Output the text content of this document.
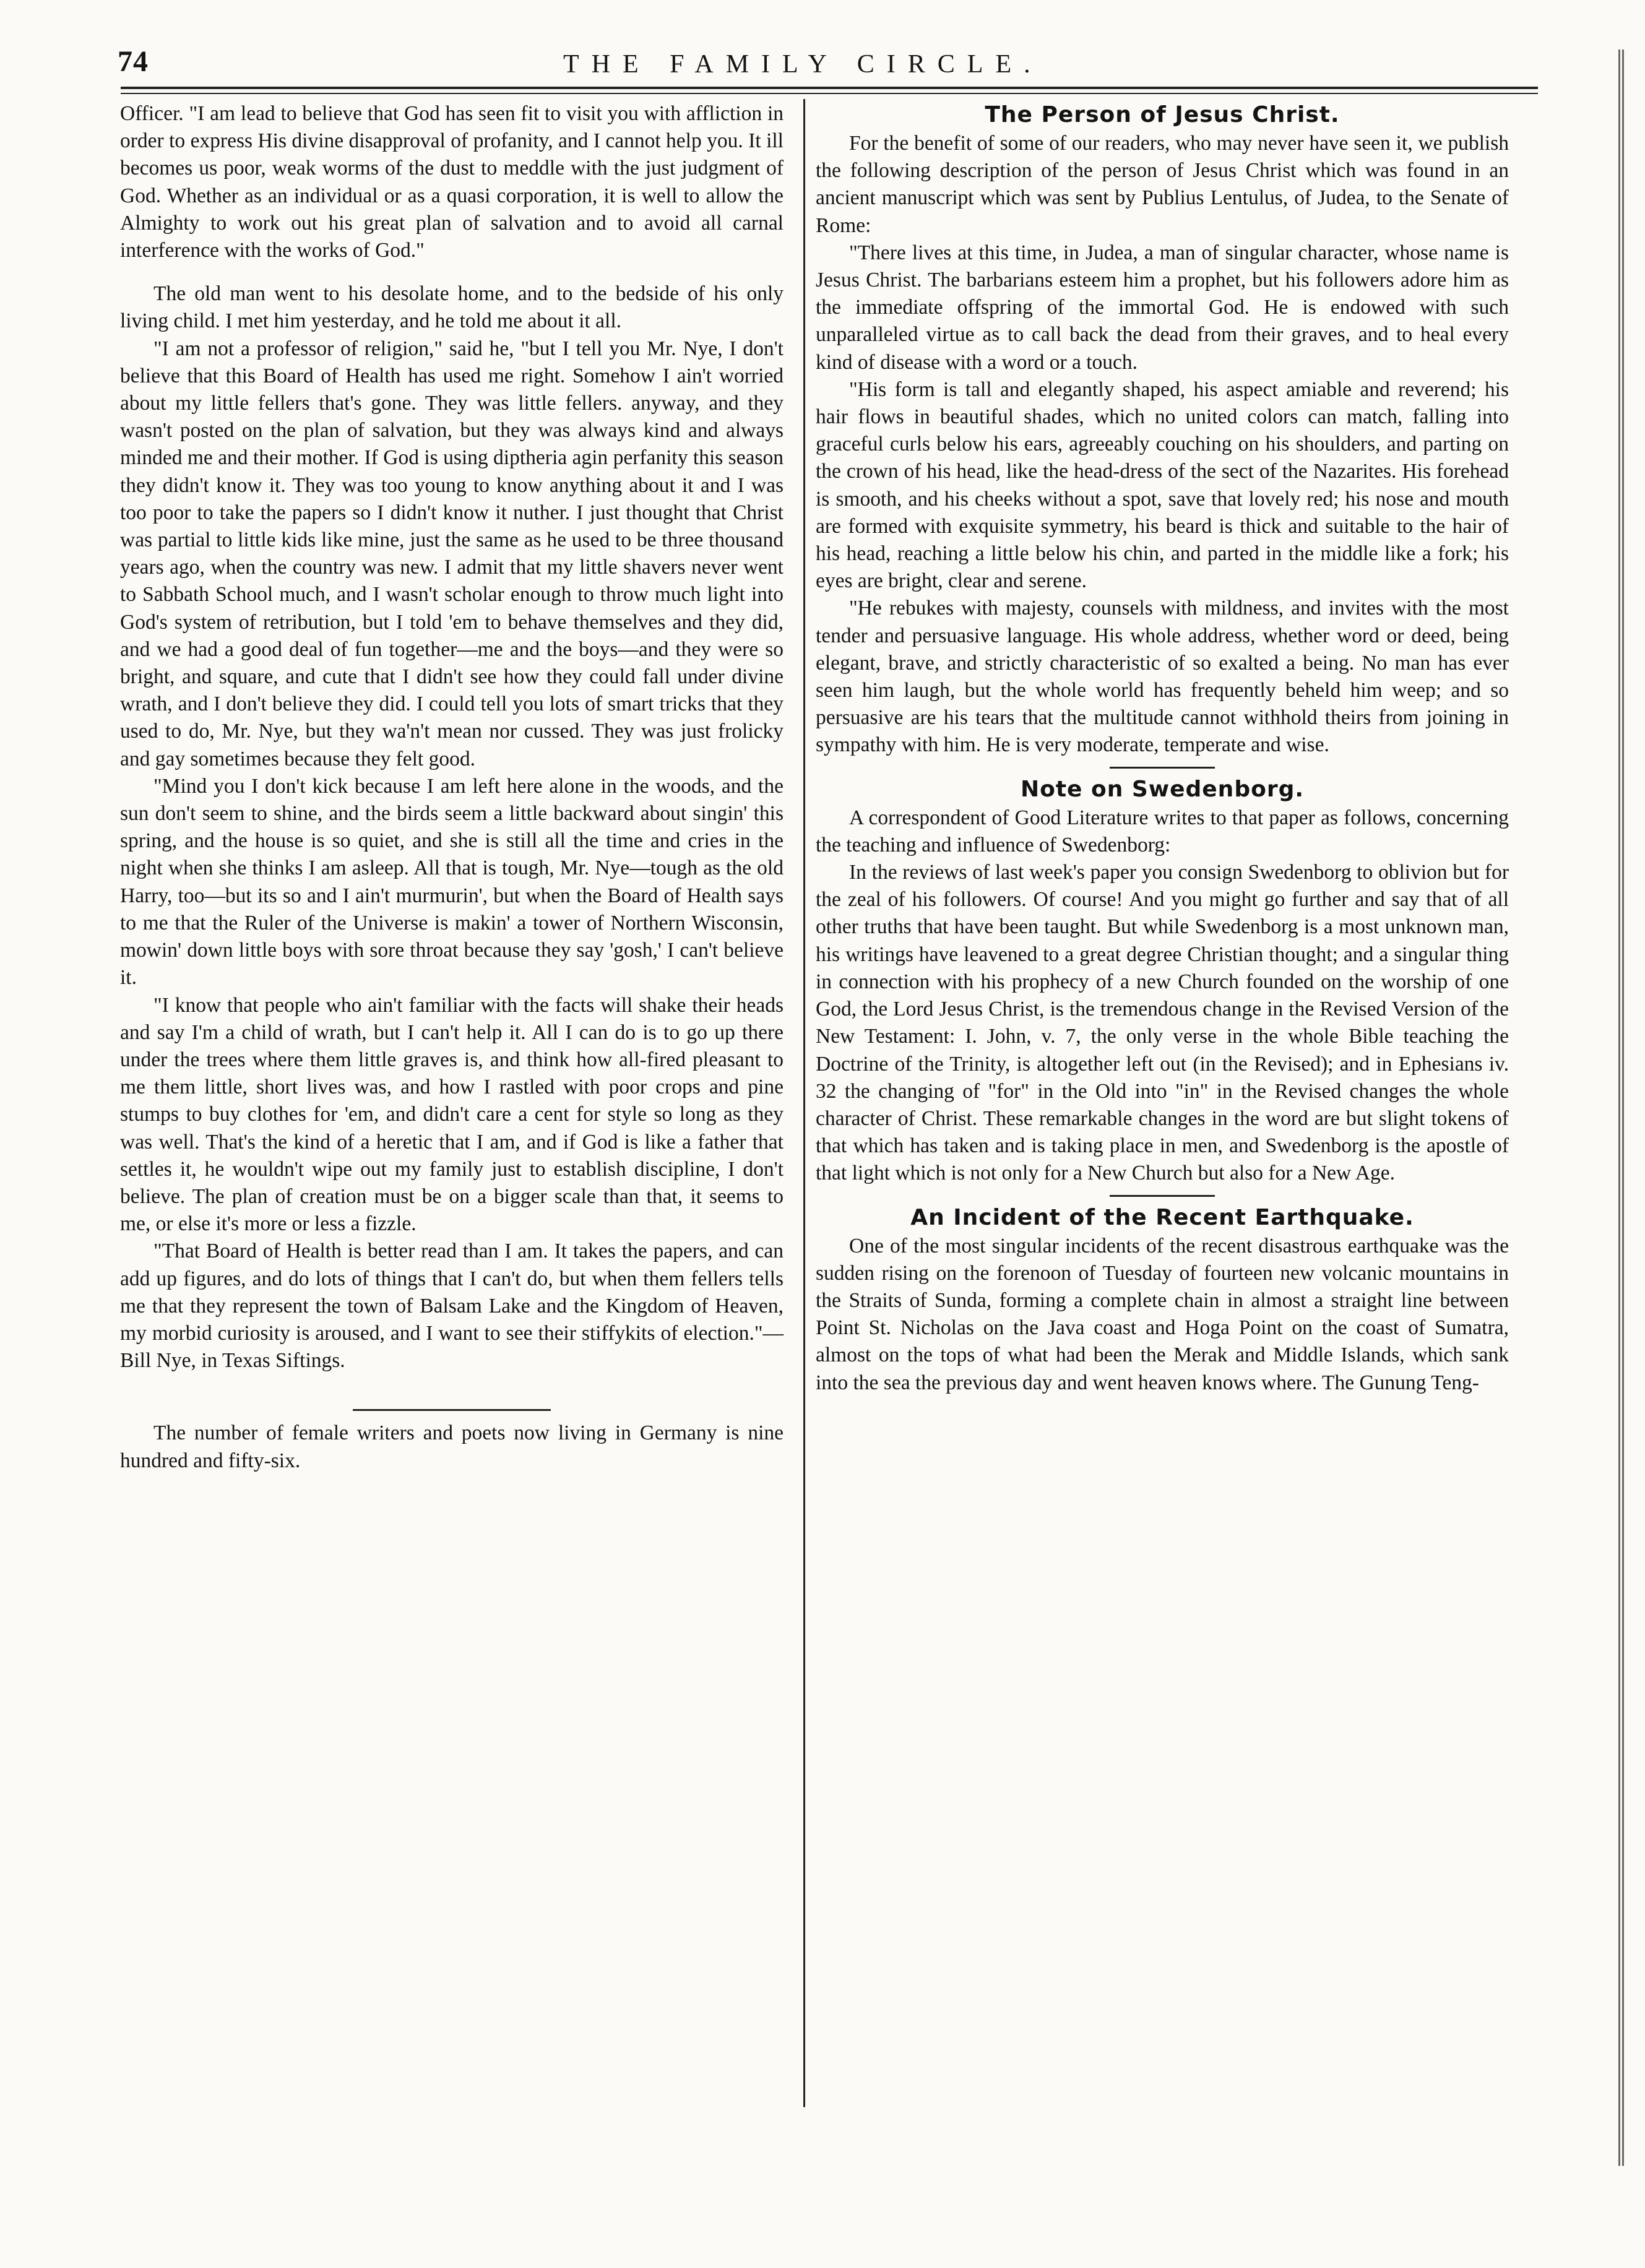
74	THE FAMILY CIRCLE.

Officer. "I am lead to believe that God has seen fit to visit you with affliction in order to express His divine disapproval of profanity, and I cannot help you. It ill becomes us poor, weak worms of the dust to meddle with the just judgment of God. Whether as an individual or as a quasi corporation, it is well to allow the Almighty to work out his great plan of salvation and to avoid all carnal interference with the works of God."

The old man went to his desolate home, and to the bedside of his only living child. I met him yesterday, and he told me about it all.

"I am not a professor of religion," said he, "but I tell you Mr. Nye, I don't believe that this Board of Health has used me right. Somehow I ain't worried about my little fellers that's gone. They was little fellers. anyway, and they wasn't posted on the plan of salvation, but they was always kind and always minded me and their mother. If God is using diptheria agin perfanity this season they didn't know it. They was too young to know anything about it and I was too poor to take the papers so I didn't know it nuther. I just thought that Christ was partial to little kids like mine, just the same as he used to be three thousand years ago, when the country was new. I admit that my little shavers never went to Sabbath School much, and I wasn't scholar enough to throw much light into God's system of retribution, but I told 'em to behave themselves and they did, and we had a good deal of fun together—me and the boys—and they were so bright, and square, and cute that I didn't see how they could fall under divine wrath, and I don't believe they did. I could tell you lots of smart tricks that they used to do, Mr. Nye, but they wa'n't mean nor cussed. They was just frolicky and gay sometimes because they felt good.

"Mind you I don't kick because I am left here alone in the woods, and the sun don't seem to shine, and the birds seem a little backward about singin' this spring, and the house is so quiet, and she is still all the time and cries in the night when she thinks I am asleep. All that is tough, Mr. Nye—tough as the old Harry, too—but its so and I ain't murmurin', but when the Board of Health says to me that the Ruler of the Universe is makin' a tower of Northern Wisconsin, mowin' down little boys with sore throat because they say 'gosh,' I can't believe it.

"I know that people who ain't familiar with the facts will shake their heads and say I'm a child of wrath, but I can't help it. All I can do is to go up there under the trees where them little graves is, and think how all-fired pleasant to me them little, short lives was, and how I rastled with poor crops and pine stumps to buy clothes for 'em, and didn't care a cent for style so long as they was well. That's the kind of a heretic that I am, and if God is like a father that settles it, he wouldn't wipe out my family just to establish discipline, I don't believe. The plan of creation must be on a bigger scale than that, it seems to me, or else it's more or less a fizzle.

"That Board of Health is better read than I am. It takes the papers, and can add up figures, and do lots of things that I can't do, but when them fellers tells me that they represent the town of Balsam Lake and the Kingdom of Heaven, my morbid curiosity is aroused, and I want to see their stiffykits of election."—Bill Nye, in Texas Siftings.

The number of female writers and poets now living in Germany is nine hundred and fifty-six.

The Person of Jesus Christ.

For the benefit of some of our readers, who may never have seen it, we publish the following description of the person of Jesus Christ which was found in an ancient manuscript which was sent by Publius Lentulus, of Judea, to the Senate of Rome:

"There lives at this time, in Judea, a man of singular character, whose name is Jesus Christ. The barbarians esteem him a prophet, but his followers adore him as the immediate offspring of the immortal God. He is endowed with such unparalleled virtue as to call back the dead from their graves, and to heal every kind of disease with a word or a touch.

"His form is tall and elegantly shaped, his aspect amiable and reverend; his hair flows in beautiful shades, which no united colors can match, falling into graceful curls below his ears, agreeably couching on his shoulders, and parting on the crown of his head, like the head-dress of the sect of the Nazarites. His forehead is smooth, and his cheeks without a spot, save that lovely red; his nose and mouth are formed with exquisite symmetry, his beard is thick and suitable to the hair of his head, reaching a little below his chin, and parted in the middle like a fork; his eyes are bright, clear and serene.

"He rebukes with majesty, counsels with mildness, and invites with the most tender and persuasive language. His whole address, whether word or deed, being elegant, brave, and strictly characteristic of so exalted a being. No man has ever seen him laugh, but the whole world has frequently beheld him weep; and so persuasive are his tears that the multitude cannot withhold theirs from joining in sympathy with him. He is very moderate, temperate and wise.

Note on Swedenborg.

A correspondent of Good Literature writes to that paper as follows, concerning the teaching and influence of Swedenborg:

In the reviews of last week's paper you consign Swedenborg to oblivion but for the zeal of his followers. Of course! And you might go further and say that of all other truths that have been taught. But while Swedenborg is a most unknown man, his writings have leavened to a great degree Christian thought; and a singular thing in connection with his prophecy of a new Church founded on the worship of one God, the Lord Jesus Christ, is the tremendous change in the Revised Version of the New Testament: I. John, v. 7, the only verse in the whole Bible teaching the Doctrine of the Trinity, is altogether left out (in the Revised); and in Ephesians iv. 32 the changing of "for" in the Old into "in" in the Revised changes the whole character of Christ. These remarkable changes in the word are but slight tokens of that which has taken and is taking place in men, and Swedenborg is the apostle of that light which is not only for a New Church but also for a New Age.

An Incident of the Recent Earthquake.

One of the most singular incidents of the recent disastrous earthquake was the sudden rising on the forenoon of Tuesday of fourteen new volcanic mountains in the Straits of Sunda, forming a complete chain in almost a straight line between Point St. Nicholas on the Java coast and Hoga Point on the coast of Sumatra, almost on the tops of what had been the Merak and Middle Islands, which sank into the sea the previous day and went heaven knows where. The Gunung Teng-
